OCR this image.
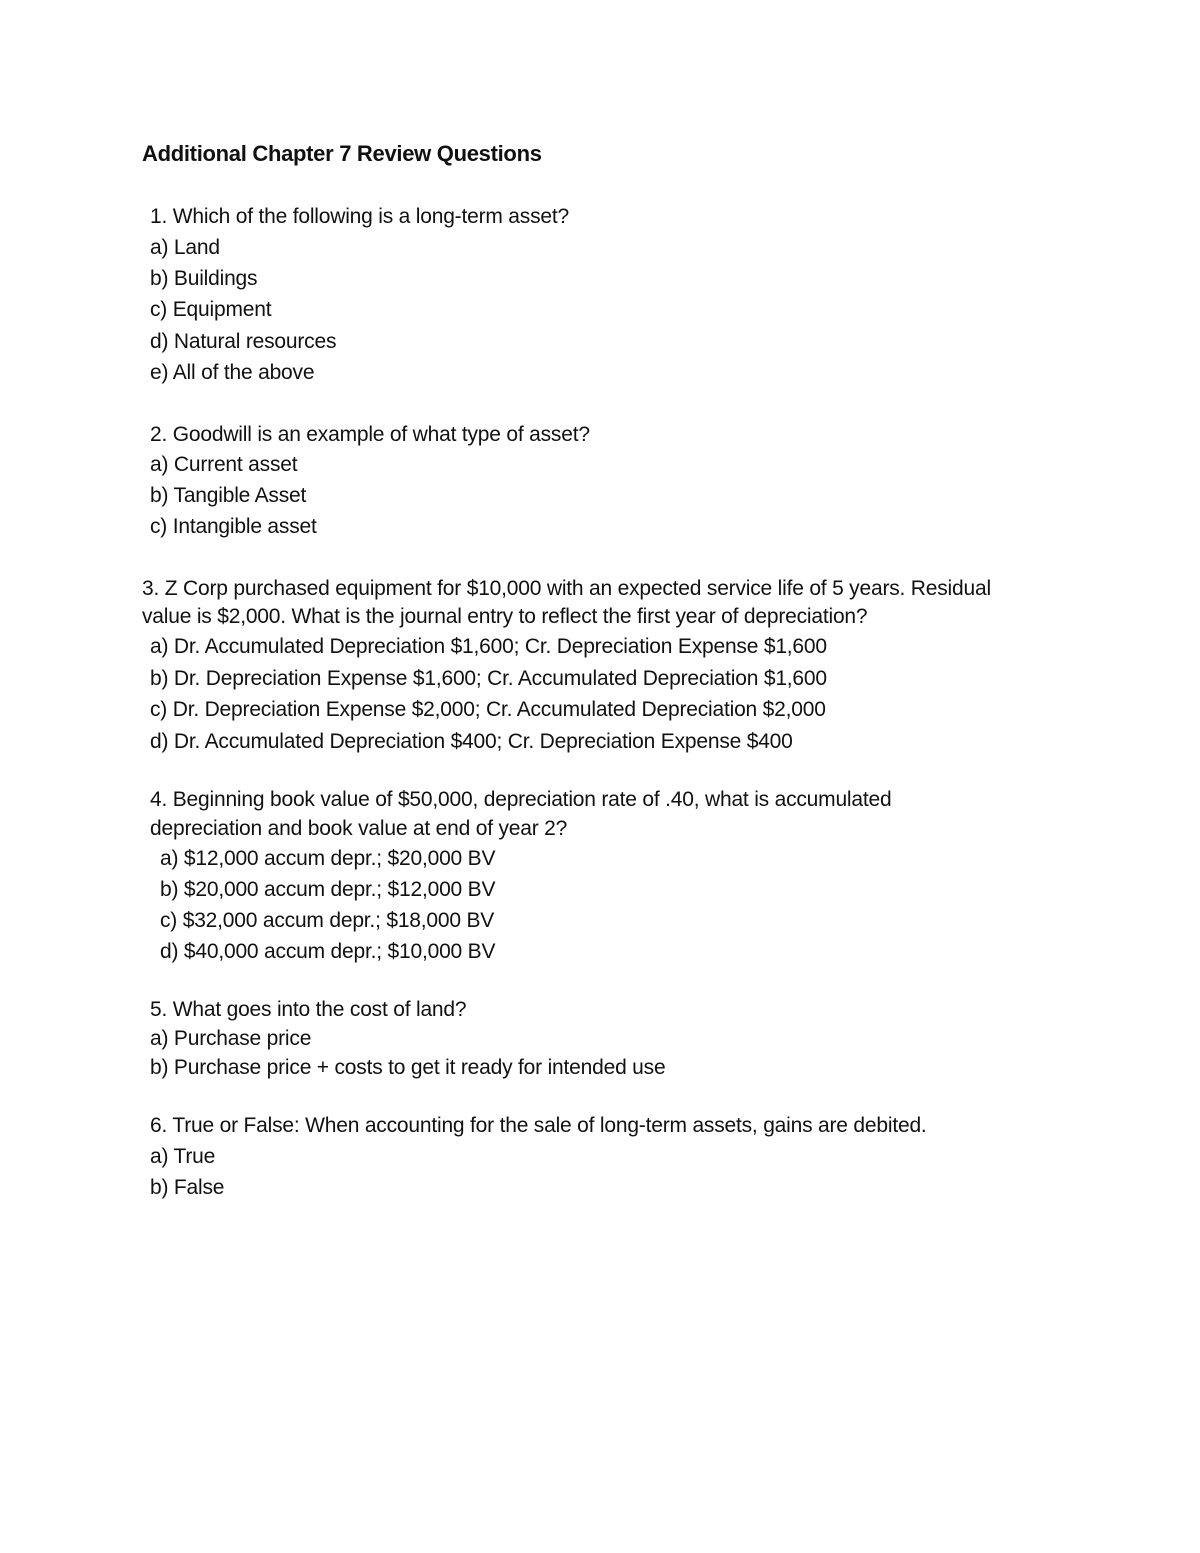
Additional Chapter 7 Review Questions
1. Which of the following is a long-term asset?
a) Land
b) Buildings
c) Equipment
d) Natural resources
e) All of the above
2. Goodwill is an example of what type of asset?
a) Current asset
b) Tangible Asset
c) Intangible asset
3. Z Corp purchased equipment for $10,000 with an expected service life of 5 years. Residual
value is $2,000. What is the journal entry to reflect the first year of depreciation?
a) Dr. Accumulated Depreciation $1,600; Cr. Depreciation Expense $1,600
b) Dr. Depreciation Expense $1,600; Cr. Accumulated Depreciation $1,600
c) Dr. Depreciation Expense $2,000; Cr. Accumulated Depreciation $2,000
d) Dr. Accumulated Depreciation $400; Cr. Depreciation Expense $400
4. Beginning book value of $50,000, depreciation rate of .40, what is accumulated
depreciation and book value at end of year 2?
a) $12,000 accum depr.; $20,000 BV
b) $20,000 accum depr.; $12,000 BV
c) $32,000 accum depr.; $18,000 BV
d) $40,000 accum depr.; $10,000 BV
5. What goes into the cost of land?
a) Purchase price
b) Purchase price + costs to get it ready for intended use
6. True or False: When accounting for the sale of long-term assets, gains are debited.
a) True
b) False
